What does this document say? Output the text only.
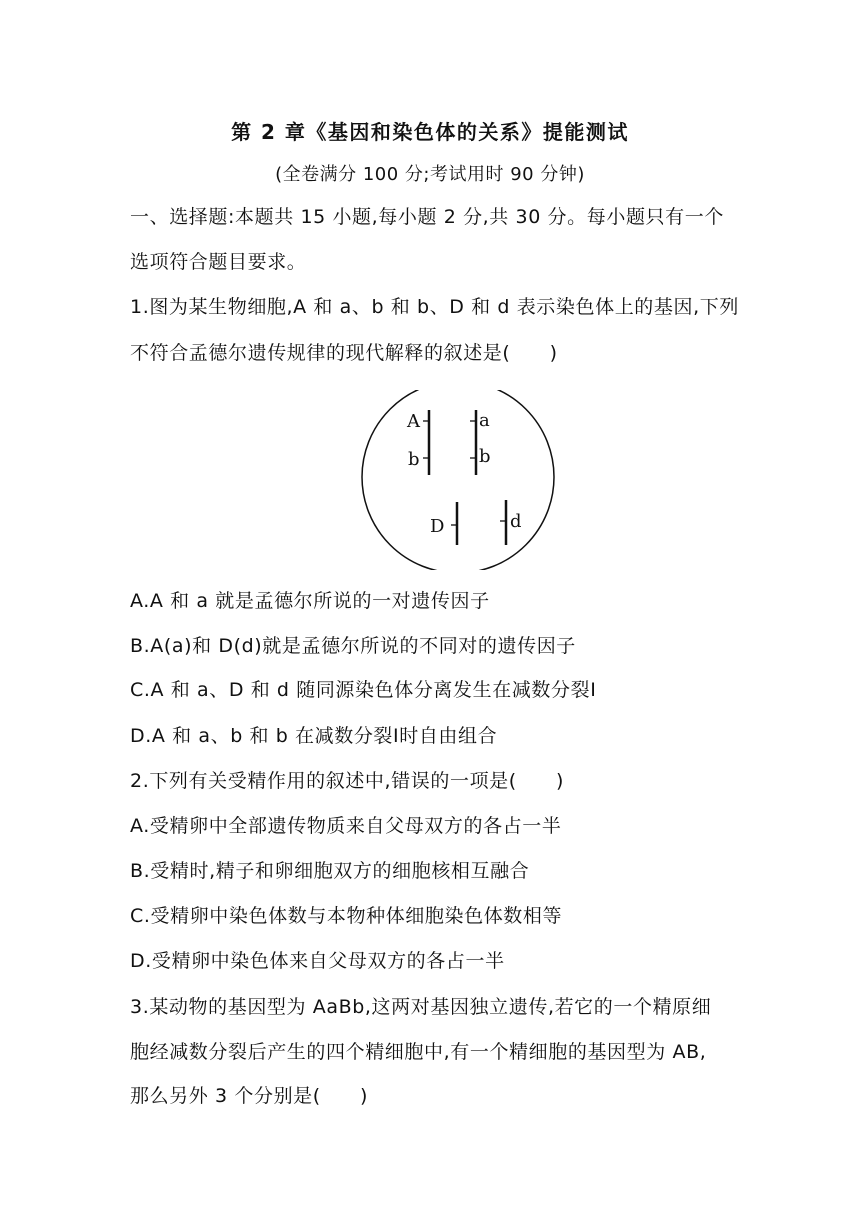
第 2 章《基因和染色体的关系》提能测试
(全卷满分 100 分;考试用时 90 分钟)
一、选择题:本题共 15 小题,每小题 2 分,共 30 分。每小题只有一个
选项符合题目要求。
1.图为某生物细胞,A 和 a、b 和 b、D 和 d 表示染色体上的基因,下列
不符合孟德尔遗传规律的现代解释的叙述是(　　)
A
b
a
b
D	d
A.A 和 a 就是孟德尔所说的一对遗传因子
B.A(a)和 D(d)就是孟德尔所说的不同对的遗传因子
C.A 和 a、D 和 d 随同源染色体分离发生在减数分裂Ⅰ
D.A 和 a、b 和 b 在减数分裂Ⅰ时自由组合
2.下列有关受精作用的叙述中,错误的一项是(　　)
A.受精卵中全部遗传物质来自父母双方的各占一半
B.受精时,精子和卵细胞双方的细胞核相互融合
C.受精卵中染色体数与本物种体细胞染色体数相等
D.受精卵中染色体来自父母双方的各占一半
3.某动物的基因型为 AaBb,这两对基因独立遗传,若它的一个精原细
胞经减数分裂后产生的四个精细胞中,有一个精细胞的基因型为 AB,
那么另外 3 个分别是(　　)
